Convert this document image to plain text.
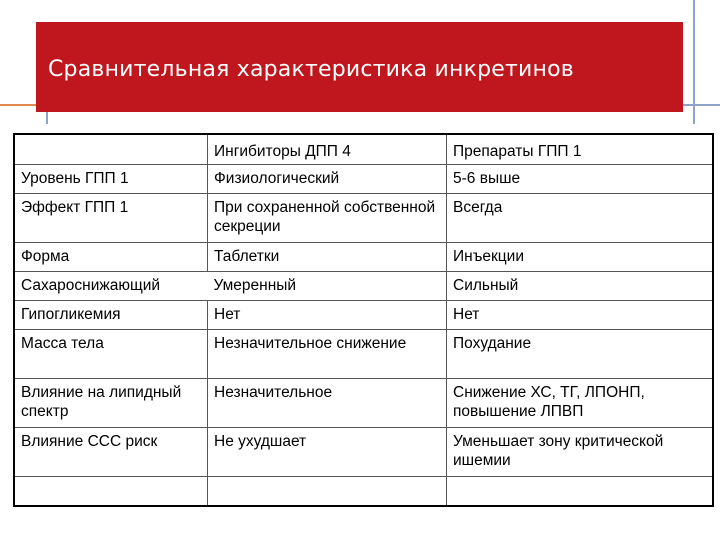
Сравнительная характеристика инкретинов
	Ингибиторы ДПП 4	Препараты ГПП 1
Уровень ГПП 1	Физиологический	5-6 выше
Эффект ГПП 1	При сохраненной собственной секреции	Всегда
Форма	Таблетки	Инъекции
Сахароснижающий	Умеренный	Сильный
Гипогликемия	Нет	Нет
Масса тела	Незначительное снижение	Похудание
Влияние на липидный спектр	Незначительное	Снижение ХС, ТГ, ЛПОНП, повышение ЛПВП
Влияние ССС риск	Не ухудшает	Уменьшает зону критической ишемии
